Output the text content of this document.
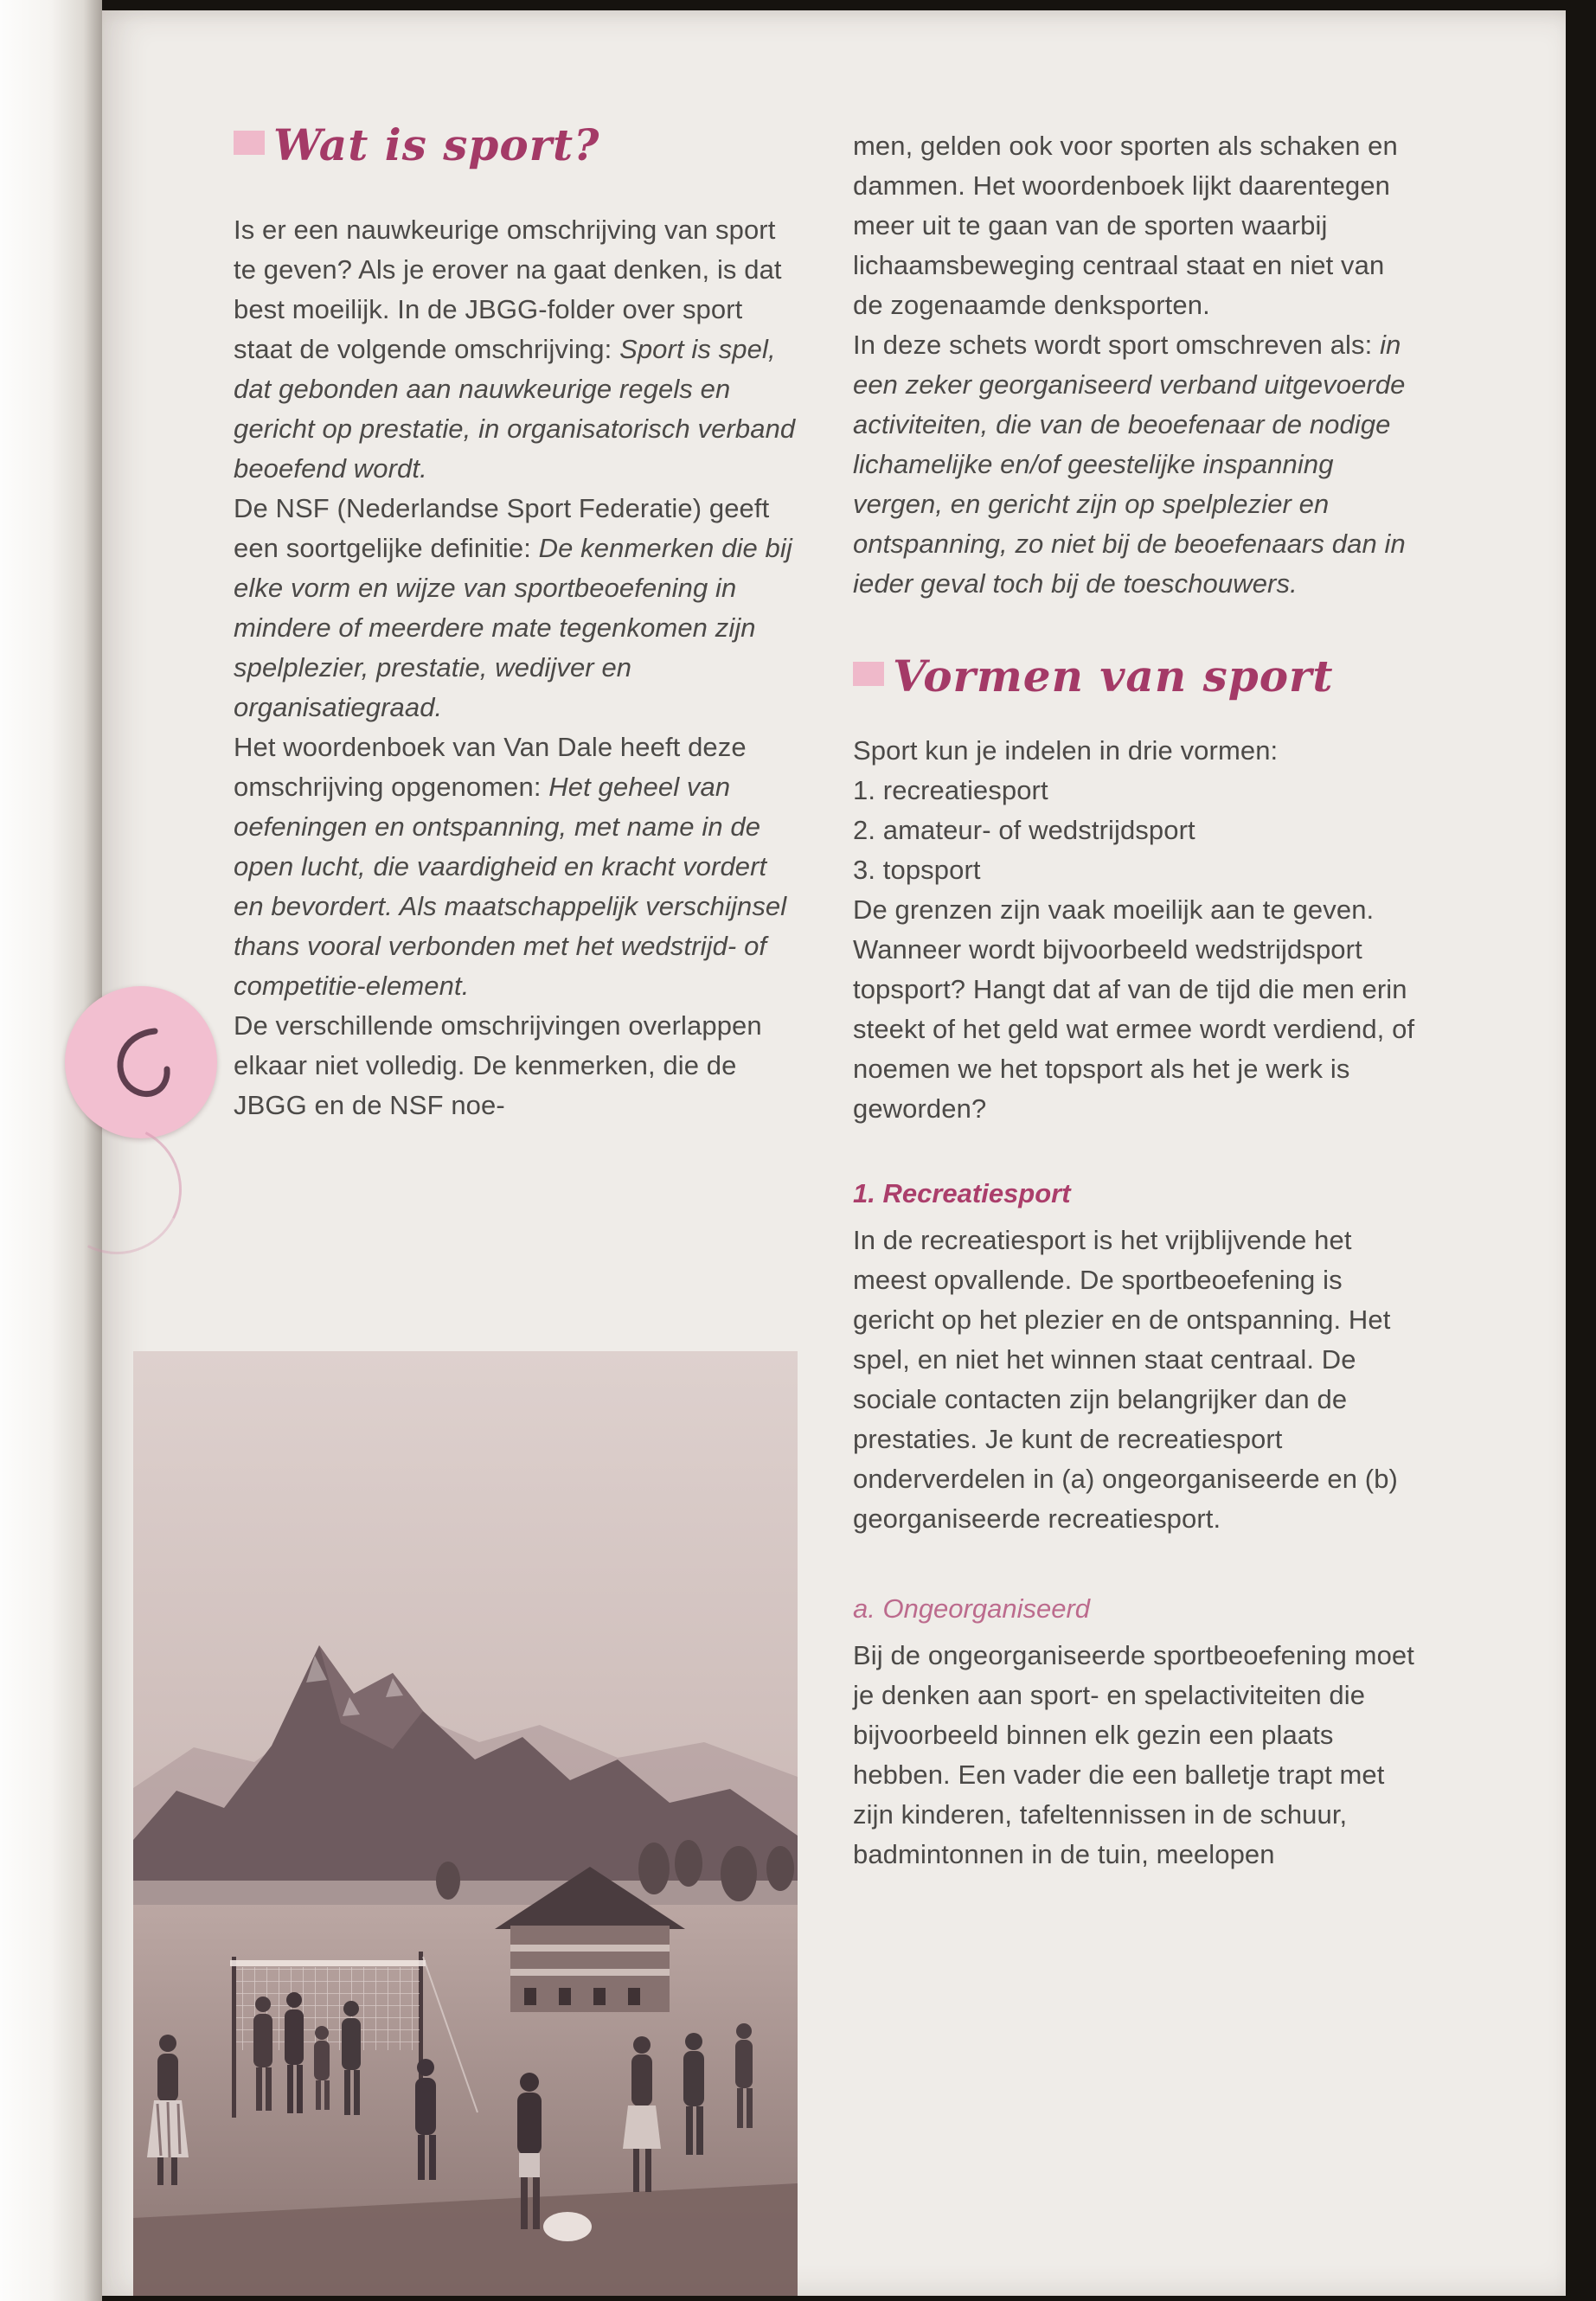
Wat is sport?

Is er een nauwkeurige omschrijving van sport te geven? Als je erover na gaat denken, is dat best moeilijk. In de JBGG-folder over sport staat de volgende omschrijving: Sport is spel, dat gebonden aan nauwkeurige regels en gericht op prestatie, in organisatorisch verband beoefend wordt.
De NSF (Nederlandse Sport Federatie) geeft een soortgelijke definitie: De kenmerken die bij elke vorm en wijze van sportbeoefening in mindere of meerdere mate tegenkomen zijn spelplezier, prestatie, wedijver en organisatiegraad.
Het woordenboek van Van Dale heeft deze omschrijving opgenomen: Het geheel van oefeningen en ontspanning, met name in de open lucht, die vaardigheid en kracht vordert en bevordert. Als maatschappelijk verschijnsel thans vooral verbonden met het wedstrijd- of competitie-element.
De verschillende omschrijvingen overlappen elkaar niet volledig. De kenmerken, die de JBGG en de NSF noe-

men, gelden ook voor sporten als schaken en dammen. Het woordenboek lijkt daarentegen meer uit te gaan van de sporten waarbij lichaamsbeweging centraal staat en niet van de zogenaamde denksporten.
In deze schets wordt sport omschreven als: in een zeker georganiseerd verband uitgevoerde activiteiten, die van de beoefenaar de nodige lichamelijke en/of geestelijke inspanning vergen, en gericht zijn op spelplezier en ontspanning, zo niet bij de beoefenaars dan in ieder geval toch bij de toeschouwers.

Vormen van sport
Sport kun je indelen in drie vormen:
1. recreatiesport
2. amateur- of wedstrijdsport
3. topsport
De grenzen zijn vaak moeilijk aan te geven. Wanneer wordt bijvoorbeeld wedstrijdsport topsport? Hangt dat af van de tijd die men erin steekt of het geld wat ermee wordt verdiend, of noemen we het topsport als het je werk is geworden?
1. Recreatiesport

In de recreatiesport is het vrijblijvende het meest opvallende. De sportbeoefening is gericht op het plezier en de ontspanning. Het spel, en niet het winnen staat centraal. De sociale contacten zijn belangrijker dan de prestaties. Je kunt de recreatiesport onderverdelen in (a) ongeorganiseerde en (b) georganiseerde recreatiesport.

a. Ongeorganiseerd

Bij de ongeorganiseerde sportbeoefening moet je denken aan sport- en spelactiviteiten die bijvoorbeeld binnen elk gezin een plaats hebben. Een vader die een balletje trapt met zijn kinderen, tafeltennissen in de schuur, badmintonnen in de tuin, meelopen
